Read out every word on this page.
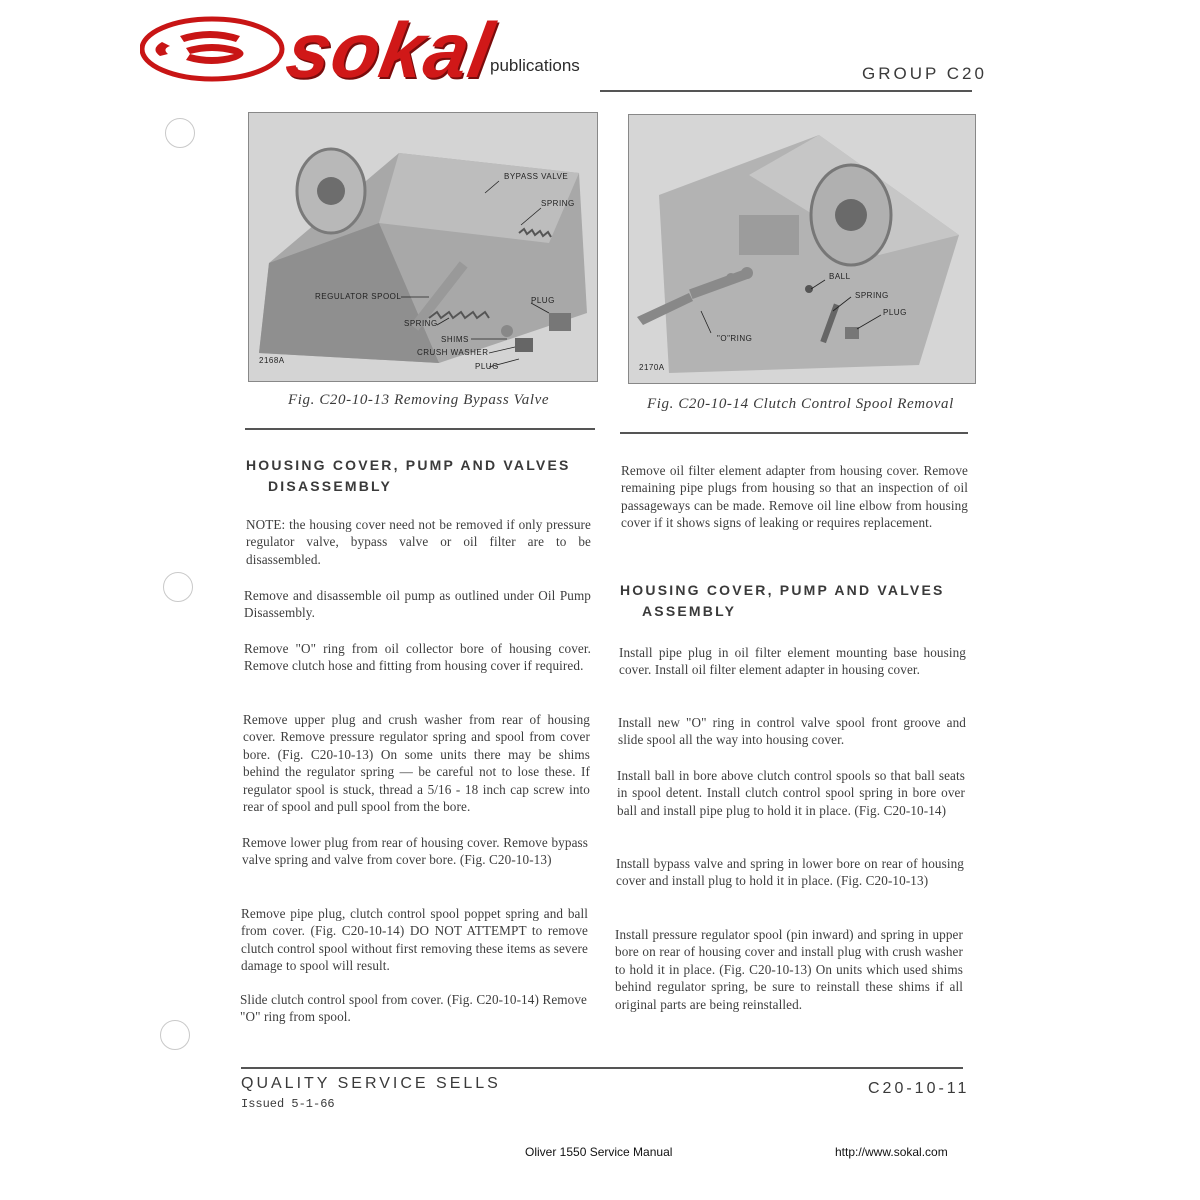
sokal
publications	GROUP C20
BYPASS VALVE
SPRING
REGULATOR SPOOL	PLUG
SPRING
SHIMS
CRUSH WASHER
PLUG
2168A
Fig. C20-10-13 Removing Bypass Valve
BALL
SPRING
PLUG
"O"RING
2170A
Fig. C20-10-14 Clutch Control Spool Removal
HOUSING COVER, PUMP AND VALVES
DISASSEMBLY
NOTE: the housing cover need not be removed if only pressure regulator valve, bypass valve or oil filter are to be disassembled.
Remove and disassemble oil pump as outlined under Oil Pump Disassembly.
Remove "O" ring from oil collector bore of housing cover. Remove clutch hose and fitting from housing cover if required.
Remove upper plug and crush washer from rear of housing cover. Remove pressure regulator spring and spool from cover bore. (Fig. C20-10-13) On some units there may be shims behind the regulator spring — be careful not to lose these. If regulator spool is stuck, thread a 5/16 - 18 inch cap screw into rear of spool and pull spool from the bore.
Remove lower plug from rear of housing cover. Remove bypass valve spring and valve from cover bore. (Fig. C20-10-13)
Remove pipe plug, clutch control spool poppet spring and ball from cover. (Fig. C20-10-14) DO NOT ATTEMPT to remove clutch control spool without first removing these items as severe damage to spool will result.
Slide clutch control spool from cover. (Fig. C20-10-14) Remove "O" ring from spool.
Remove oil filter element adapter from housing cover. Remove remaining pipe plugs from housing so that an inspection of oil passageways can be made. Remove oil line elbow from housing cover if it shows signs of leaking or requires replacement.
HOUSING COVER, PUMP AND VALVES
ASSEMBLY
Install pipe plug in oil filter element mounting base housing cover. Install oil filter element adapter in housing cover.
Install new "O" ring in control valve spool front groove and slide spool all the way into housing cover.
Install ball in bore above clutch control spools so that ball seats in spool detent. Install clutch control spool spring in bore over ball and install pipe plug to hold it in place. (Fig. C20-10-14)
Install bypass valve and spring in lower bore on rear of housing cover and install plug to hold it in place. (Fig. C20-10-13)
Install pressure regulator spool (pin inward) and spring in upper bore on rear of housing cover and install plug with crush washer to hold it in place. (Fig. C20-10-13) On units which used shims behind regulator spring, be sure to reinstall these shims if all original parts are being reinstalled.
QUALITY SERVICE SELLS
Issued 5-1-66
C20-10-11
Oliver 1550 Service Manual	http://www.sokal.com
